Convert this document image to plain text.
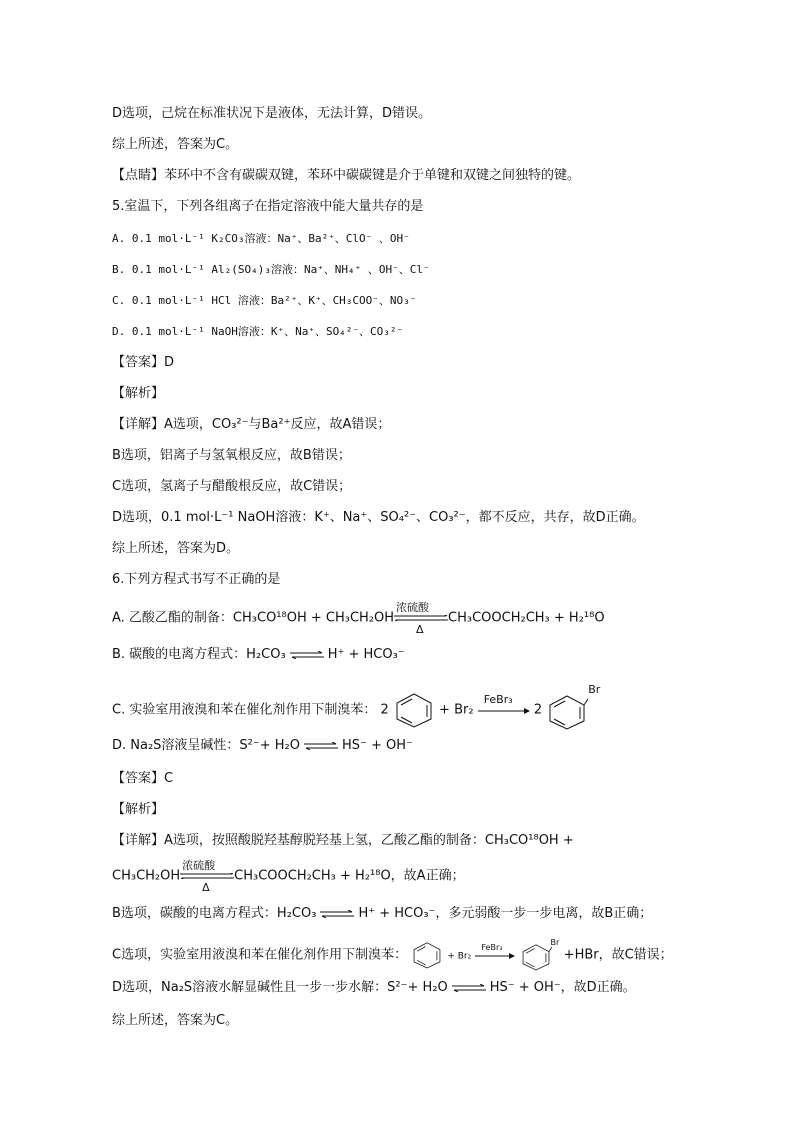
D选项，己烷在标准状况下是液体，无法计算，D错误。
综上所述，答案为C。
【点睛】苯环中不含有碳碳双键，苯环中碳碳键是介于单键和双键之间独特的键。
5.室温下，下列各组离子在指定溶液中能大量共存的是
A. 0.1 mol·L⁻¹ K₂CO₃溶液：Na⁺、Ba²⁺、ClO⁻ 、OH⁻
B. 0.1 mol·L⁻¹ Al₂(SO₄)₃溶液：Na⁺、NH₄⁺ 、OH⁻、Cl⁻
C. 0.1 mol·L⁻¹ HCl 溶液：Ba²⁺、K⁺、CH₃COO⁻、NO₃⁻
D. 0.1 mol·L⁻¹ NaOH溶液：K⁺、Na⁺、SO₄²⁻、CO₃²⁻
【答案】D
【解析】
【详解】A选项，CO₃²⁻与Ba²⁺反应，故A错误；
B选项，铝离子与氢氧根反应，故B错误；
C选项，氢离子与醋酸根反应，故C错误；
D选项，0.1 mol·L⁻¹ NaOH溶液：K⁺、Na⁺、SO₄²⁻、CO₃²⁻，都不反应，共存，故D正确。
综上所述，答案为D。
6.下列方程式书写不正确的是
A. 乙酸乙酯的制备：CH₃CO¹⁸OH + CH₃CH₂OH
浓硫酸
Δ
CH₃COOCH₂CH₃ + H₂¹⁸O
B. 碳酸的电离方程式：H₂CO₃ ⇌ H⁺ + HCO₃⁻
C. 实验室用液溴和苯在催化剂作用下制溴苯： 2	+ Br₂
FeBr₃
2
Br
D. Na₂S溶液呈碱性：S²⁻+ H₂O ⇌ HS⁻ + OH⁻
【答案】C
【解析】
【详解】A选项，按照酸脱羟基醇脱羟基上氢，乙酸乙酯的制备：CH₃CO¹⁸OH +
CH₃CH₂OH
浓硫酸
Δ
CH₃COOCH₂CH₃ + H₂¹⁸O，故A正确；
B选项，碳酸的电离方程式：H₂CO₃ ⇌ H⁺ + HCO₃⁻，多元弱酸一步一步电离，故B正确；
C选项，实验室用液溴和苯在催化剂作用下制溴苯：	+ Br₂
FeBr₃

Br
+HBr，故C错误；
D选项，Na₂S溶液水解显碱性且一步一步水解：S²⁻+ H₂O ⇌ HS⁻ + OH⁻，故D正确。
综上所述，答案为C。
